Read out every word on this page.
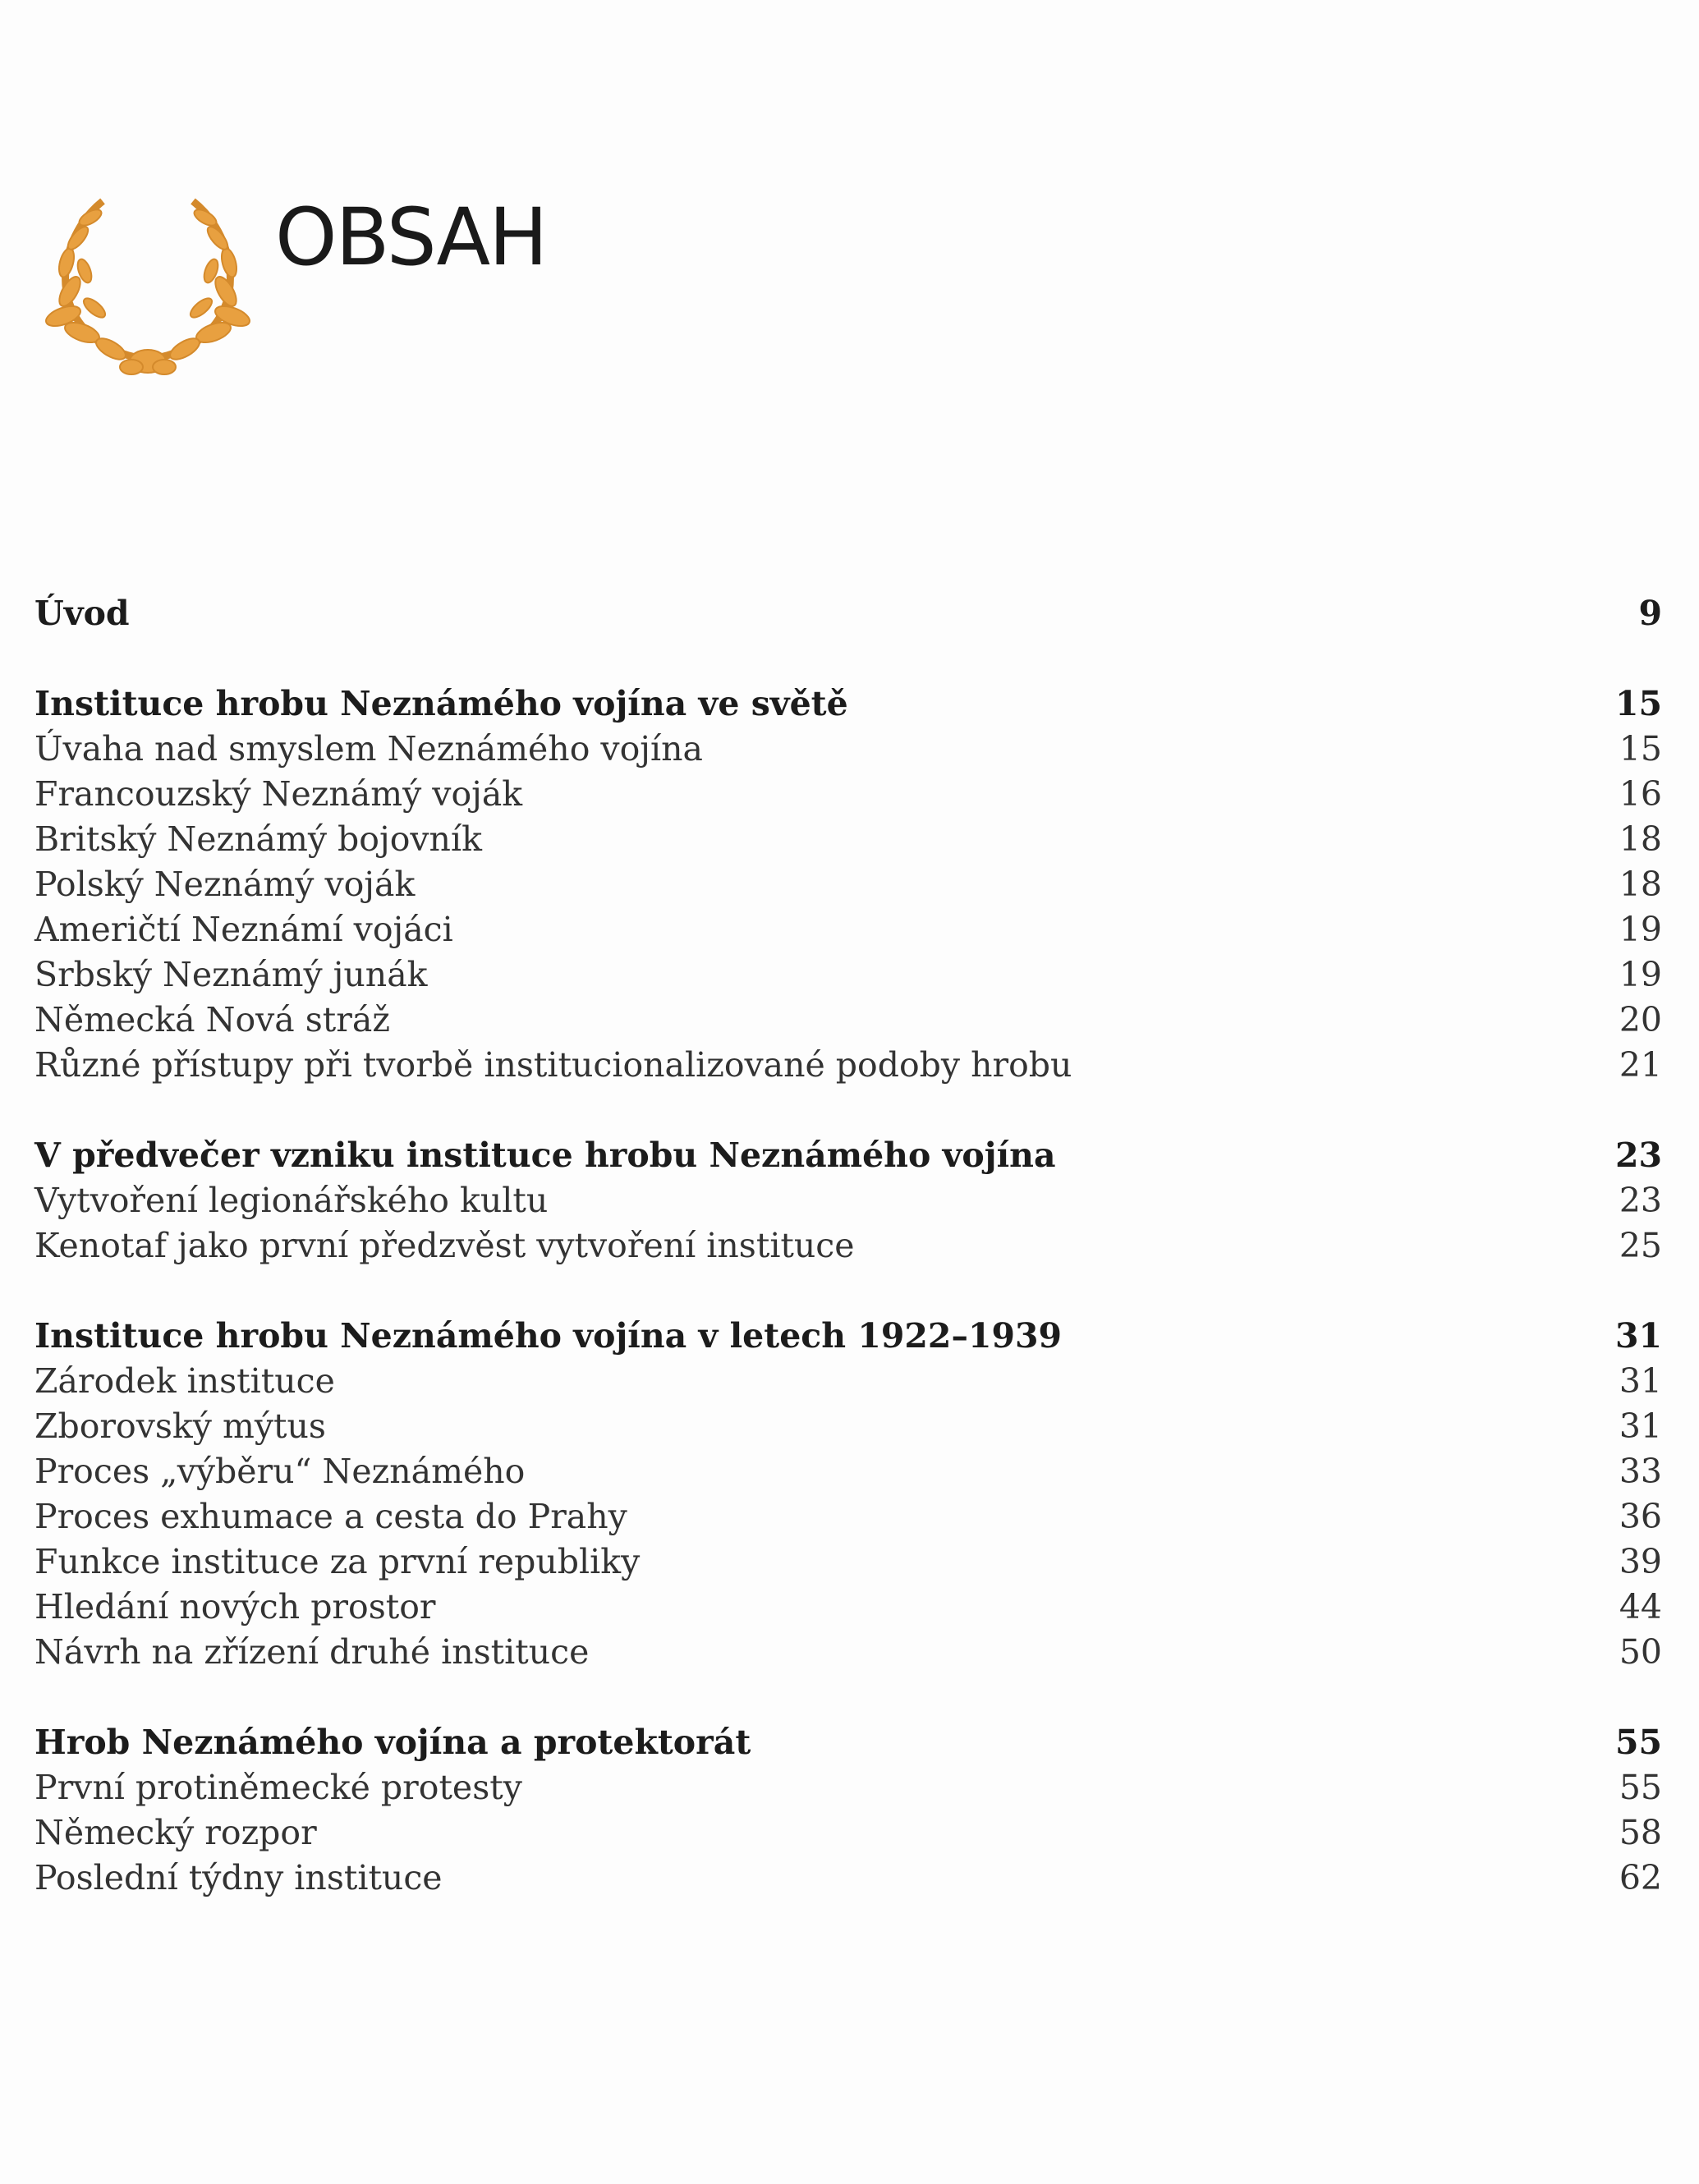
OBSAH
Úvod	9
Instituce hrobu Neznámého vojína ve světě	15
Úvaha nad smyslem Neznámého vojína	15
Francouzský Neznámý voják	16
Britský Neznámý bojovník	18
Polský Neznámý voják	18
Američtí Neznámí vojáci	19
Srbský Neznámý junák	19
Německá Nová stráž	20
Různé přístupy při tvorbě institucionalizované podoby hrobu	21
V předvečer vzniku instituce hrobu Neznámého vojína	23
Vytvoření legionářského kultu	23
Kenotaf jako první předzvěst vytvoření instituce	25
Instituce hrobu Neznámého vojína v letech 1922–1939	31
Zárodek instituce	31
Zborovský mýtus	31
Proces „výběru“ Neznámého	33
Proces exhumace a cesta do Prahy	36
Funkce instituce za první republiky	39
Hledání nových prostor	44
Návrh na zřízení druhé instituce	50
Hrob Neznámého vojína a protektorát	55
První protiněmecké protesty	55
Německý rozpor	58
Poslední týdny instituce	62
